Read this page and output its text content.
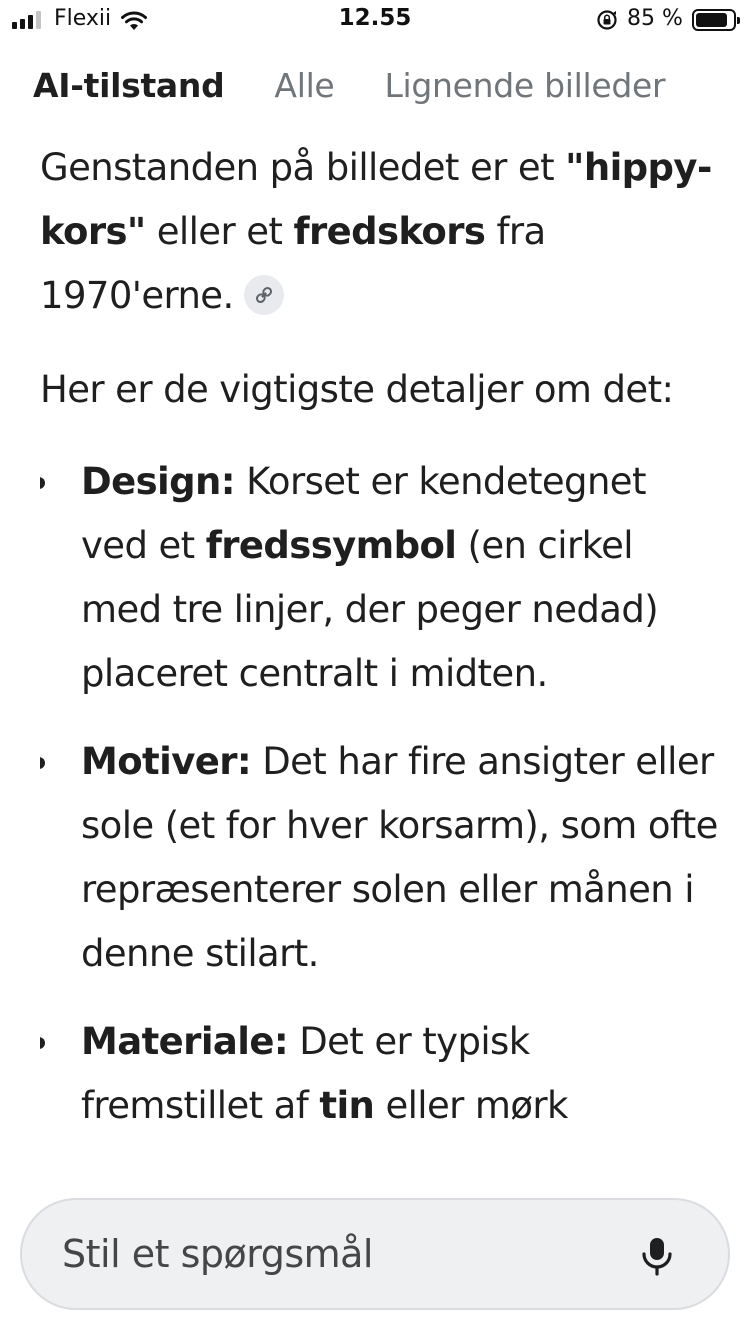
Flexii	12.55	85 %
AI-tilstand Alle Lignende billeder

Genstanden på billedet er et "hippy-kors" eller et fredskors fra 1970'erne.

Her er de vigtigste detaljer om det:

Design: Korset er kendetegnet ved et fredssymbol (en cirkel med tre linjer, der peger nedad) placeret centralt i midten.
Motiver: Det har fire ansigter eller sole (et for hver korsarm), som ofte repræsenterer solen eller månen i denne stilart.
Materiale: Det er typisk fremstillet af tin eller mørk
Stil et spørgsmål
